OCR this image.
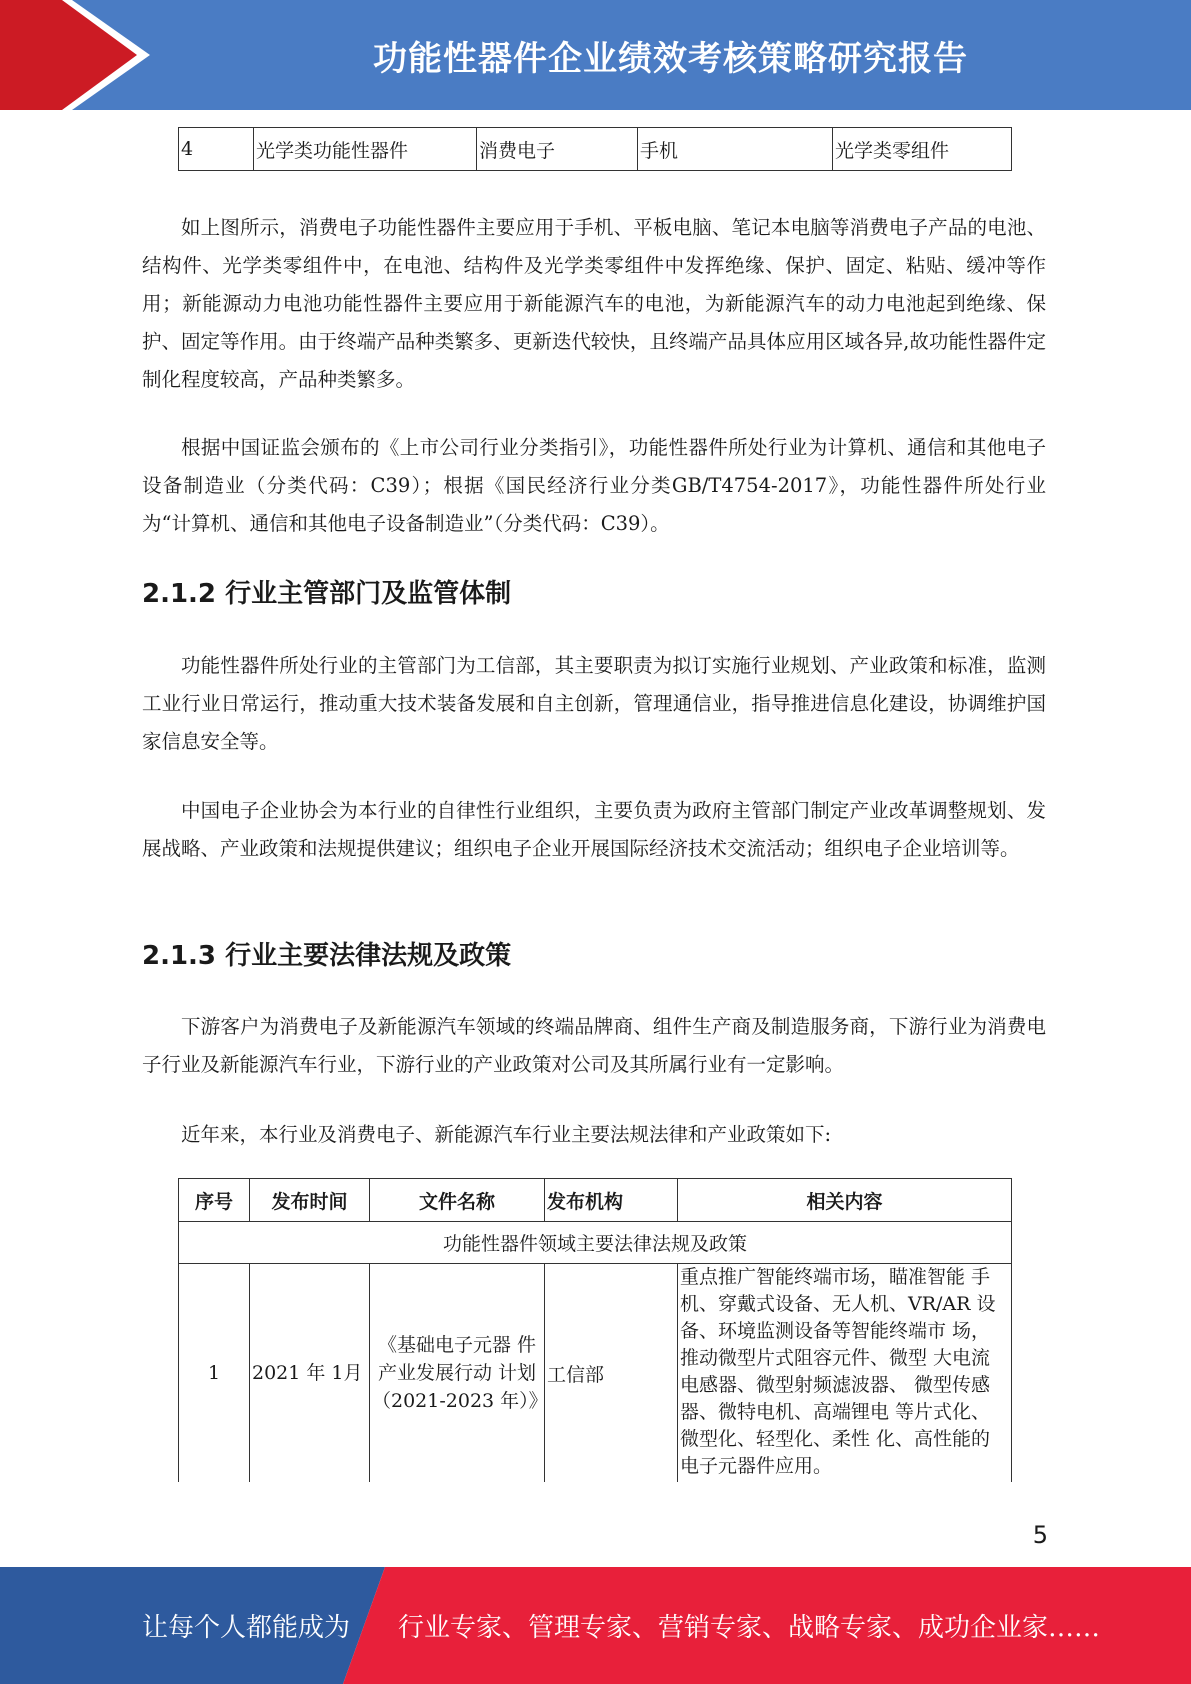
功能性器件企业绩效考核策略研究报告
4	光学类功能性器件	消费电子	手机	光学类零组件

如上图所示，消费电子功能性器件主要应用于手机、平板电脑、笔记本电脑等消费电子产品的电池、结构件、光学类零组件中，在电池、结构件及光学类零组件中发挥绝缘、保护、固定、粘贴、缓冲等作用；新能源动力电池功能性器件主要应用于新能源汽车的电池，为新能源汽车的动力电池起到绝缘、保护、固定等作用。由于终端产品种类繁多、更新迭代较快，且终端产品具体应用区域各异,故功能性器件定制化程度较高，产品种类繁多。

根据中国证监会颁布的《上市公司行业分类指引》，功能性器件所处行业为计算机、通信和其他电子设备制造业（分类代码：C39）；根据《国民经济行业分类GB/T4754-2017》，功能性器件所处行业为“计算机、通信和其他电子设备制造业”（分类代码：C39）。

2.1.2 行业主管部门及监管体制

功能性器件所处行业的主管部门为工信部，其主要职责为拟订实施行业规划、产业政策和标准，监测工业行业日常运行，推动重大技术装备发展和自主创新，管理通信业，指导推进信息化建设，协调维护国家信息安全等。

中国电子企业协会为本行业的自律性行业组织，主要负责为政府主管部门制定产业改革调整规划、发展战略、产业政策和法规提供建议；组织电子企业开展国际经济技术交流活动；组织电子企业培训等。

2.1.3 行业主要法律法规及政策

下游客户为消费电子及新能源汽车领域的终端品牌商、组件生产商及制造服务商，下游行业为消费电子行业及新能源汽车行业，下游行业的产业政策对公司及其所属行业有一定影响。

近年来，本行业及消费电子、新能源汽车行业主要法规法律和产业政策如下:

序号	发布时间	文件名称	发布机构	相关内容
功能性器件领域主要法律法规及政策				
1	2021 年 1月	《基础电子元器 件产业发展行动 计划（2021-2023 年）》	工信部	重点推广智能终端市场，瞄准智能 手机、穿戴式设备、无人机、VR/AR 设备、环境监测设备等智能终端市 场，推动微型片式阻容元件、微型 大电流电感器、微型射频滤波器、 微型传感器、微特电机、高端锂电 等片式化、微型化、轻型化、柔性 化、高性能的电子元器件应用。
5
让每个人都能成为 行业专家、管理专家、营销专家、战略专家、成功企业家……
